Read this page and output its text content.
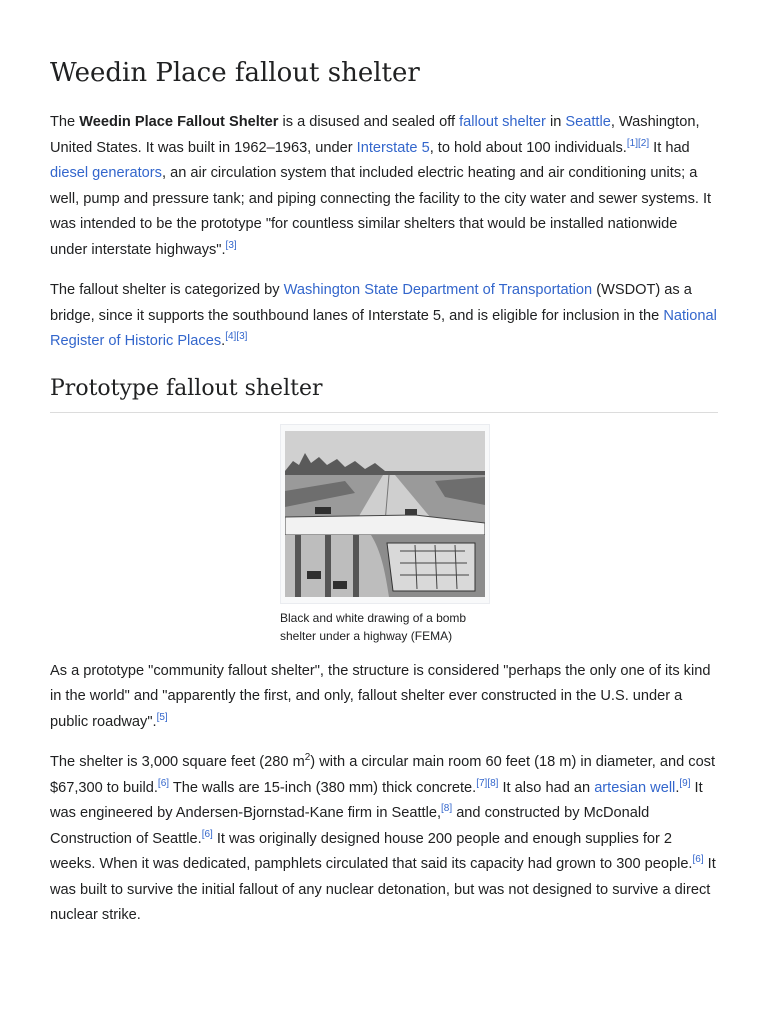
Weedin Place fallout shelter

The Weedin Place Fallout Shelter is a disused and sealed off fallout shelter in Seattle, Washington, United States. It was built in 1962–1963, under Interstate 5, to hold about 100 individuals.[1][2] It had diesel generators, an air circulation system that included electric heating and air conditioning units; a well, pump and pressure tank; and piping connecting the facility to the city water and sewer systems. It was intended to be the prototype "for countless similar shelters that would be installed nationwide under interstate highways".[3]

The fallout shelter is categorized by Washington State Department of Transportation (WSDOT) as a bridge, since it supports the southbound lanes of Interstate 5, and is eligible for inclusion in the National Register of Historic Places.[4][3]

Prototype fallout shelter
Black and white drawing of a bomb shelter under a highway (FEMA)

As a prototype "community fallout shelter", the structure is considered "perhaps the only one of its kind in the world" and "apparently the first, and only, fallout shelter ever constructed in the U.S. under a public roadway".[5]

The shelter is 3,000 square feet (280 $m^2$) with a circular main room 60 feet (18 m) in diameter, and cost $67,300 to build.[6] The walls are 15-inch (380 mm) thick concrete.[7][8] It also had an artesian well.[9] It was engineered by Andersen-Bjornstad-Kane firm in Seattle,[8] and constructed by McDonald Construction of Seattle.[6] It was originally designed house 200 people and enough supplies for 2 weeks. When it was dedicated, pamphlets circulated that said its capacity had grown to 300 people.[6] It was built to survive the initial fallout of any nuclear detonation, but was not designed to survive a direct nuclear strike.
